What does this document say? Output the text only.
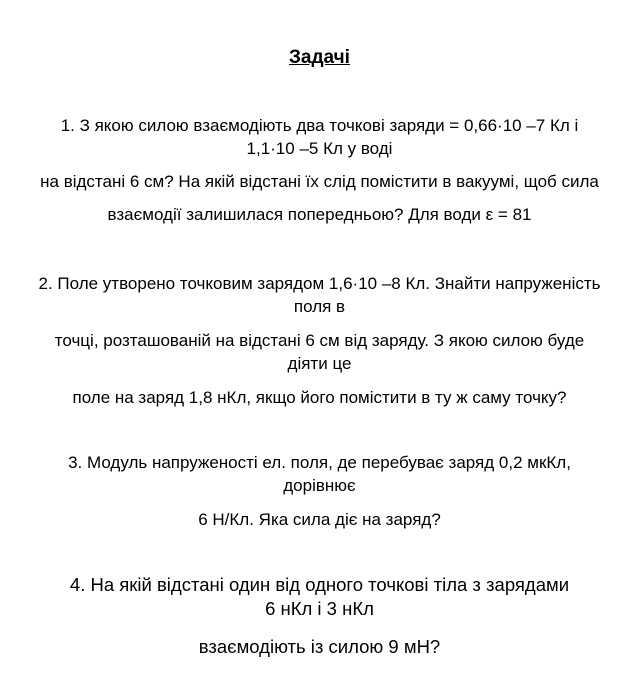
Задачі
1. З якою силою взаємодіють два точкові заряди = 0,66·10 –7 Кл і
1,1·10 –5 Кл у воді
на відстані 6 см? На якій відстані їх слід помістити в вакуумі, щоб сила
взаємодії залишилася попередньою? Для води ε = 81
2. Поле утворено точковим зарядом 1,6·10 –8 Кл. Знайти напруженість
поля в
точці, розташованій на відстані 6 см від заряду. З якою силою буде
діяти це
поле на заряд 1,8 нКл, якщо його помістити в ту ж саму точку?
3. Модуль напруженості ел. поля, де перебуває заряд 0,2 мкКл,
дорівнює
6 Н/Кл. Яка сила діє на заряд?
4. На якій відстані один від одного точкові тіла з зарядами
6 нКл і 3 нКл
взаємодіють із силою 9 мН?
